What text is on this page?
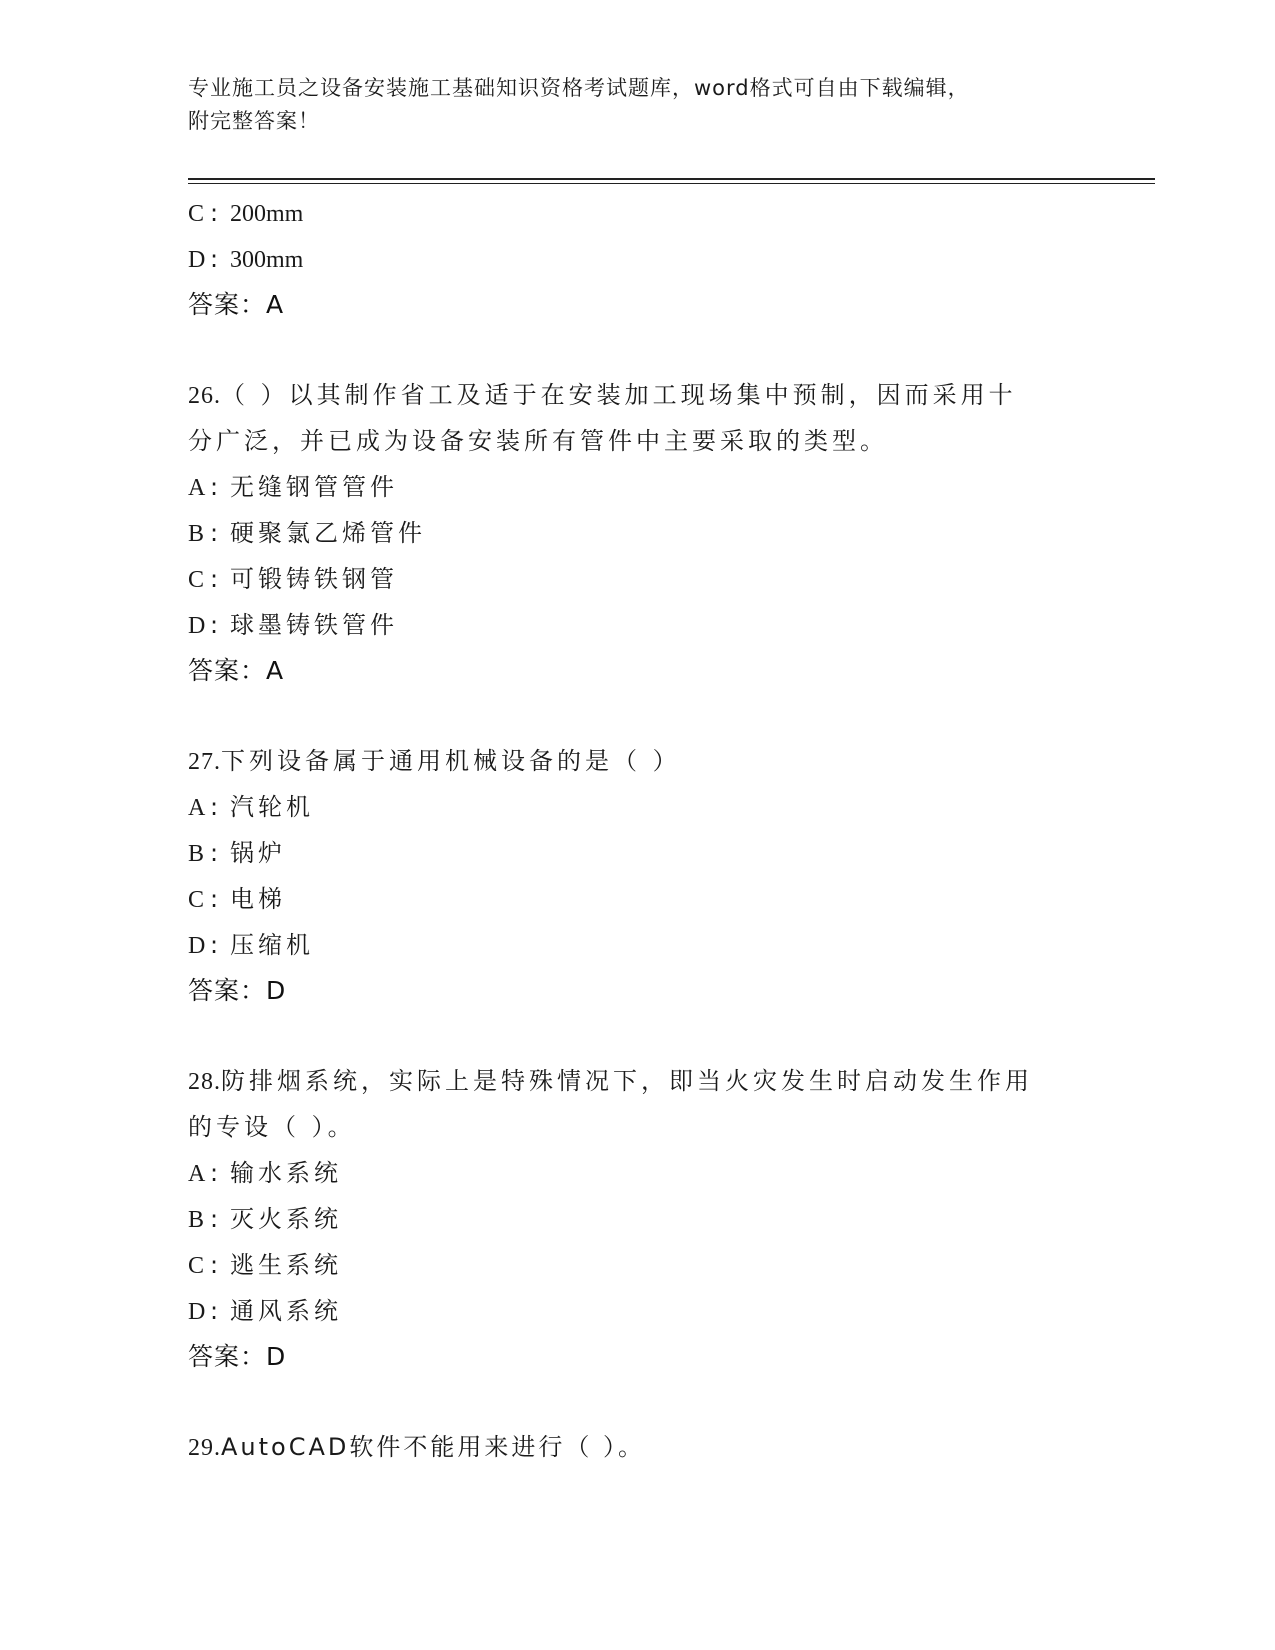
专业施工员之设备安装施工基础知识资格考试题库，word格式可自由下载编辑，
附完整答案！
C : 200mm
D : 300mm
答案：A
26.（ ）以其制作省工及适于在安装加工现场集中预制，因而采用十
分广泛，并已成为设备安装所有管件中主要采取的类型。
A : 无缝钢管管件
B : 硬聚氯乙烯管件
C : 可锻铸铁钢管
D : 球墨铸铁管件
答案：A
27.下列设备属于通用机械设备的是（ ）
A : 汽轮机
B : 锅炉
C : 电梯
D : 压缩机
答案：D
28.防排烟系统，实际上是特殊情况下，即当火灾发生时启动发生作用
的专设（ ）。
A : 输水系统
B : 灭火系统
C : 逃生系统
D : 通风系统
答案：D
29.AutoCAD软件不能用来进行（ ）。
